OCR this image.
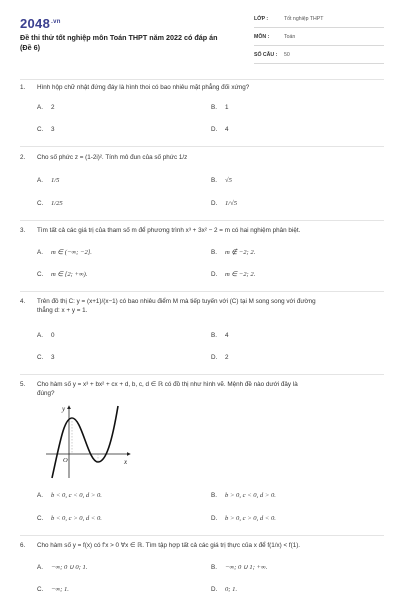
$2048^{.vn}$
Đề thi thử tốt nghiệp môn Toán THPT năm 2022 có đáp án
(Đề 6)
LỚP :	Tốt nghiệp THPT
MÔN :	Toán
SỐ CÂU : 50
1. Hình hộp chữ nhật đứng đáy là hình thoi có bao nhiêu mặt phẳng đối xứng?
A. 2	B. 1
C. 3	D. 4
2. Cho số phức z = (1-2i)². Tính mô đun của số phức 1/z
A. 1/5	B. √5
C. 1/25	D. 1/√5
3. Tìm tất cả các giá trị của tham số m để phương trình x³ + 3x² − 2 = m có hai nghiệm phân biệt.
A. m ∈ (−∞; −2].	B. m ∉ −2; 2.
C. m ∈ [2; +∞).	D. m ∈ −2; 2.
4. Trên đồ thị C: y = (x+1)/(x−1) có bao nhiêu điểm M mà tiếp tuyến với (C) tại M song song với đường
thẳng d: x + y = 1.
A. 0	B. 4
C. 3	D. 2
5. Cho hàm số y = x³ + bx² + cx + d, b, c, d ∈ ℝ có đồ thị như hình vẽ. Mệnh đề nào dưới đây là
đúng?
y
x
O
A. b < 0, c < 0, d > 0.	B. b > 0, c < 0, d > 0.
C. b < 0, c > 0, d < 0.	D. b > 0, c > 0, d < 0.
6. Cho hàm số y = f(x) có f'x > 0 ∀x ∈ ℝ. Tìm tập hợp tất cả các giá trị thực của x để f(1/x) < f(1).
A. −∞; 0 ∪ 0; 1.	B. −∞; 0 ∪ 1; +∞.
C. −∞; 1.	D. 0; 1.
